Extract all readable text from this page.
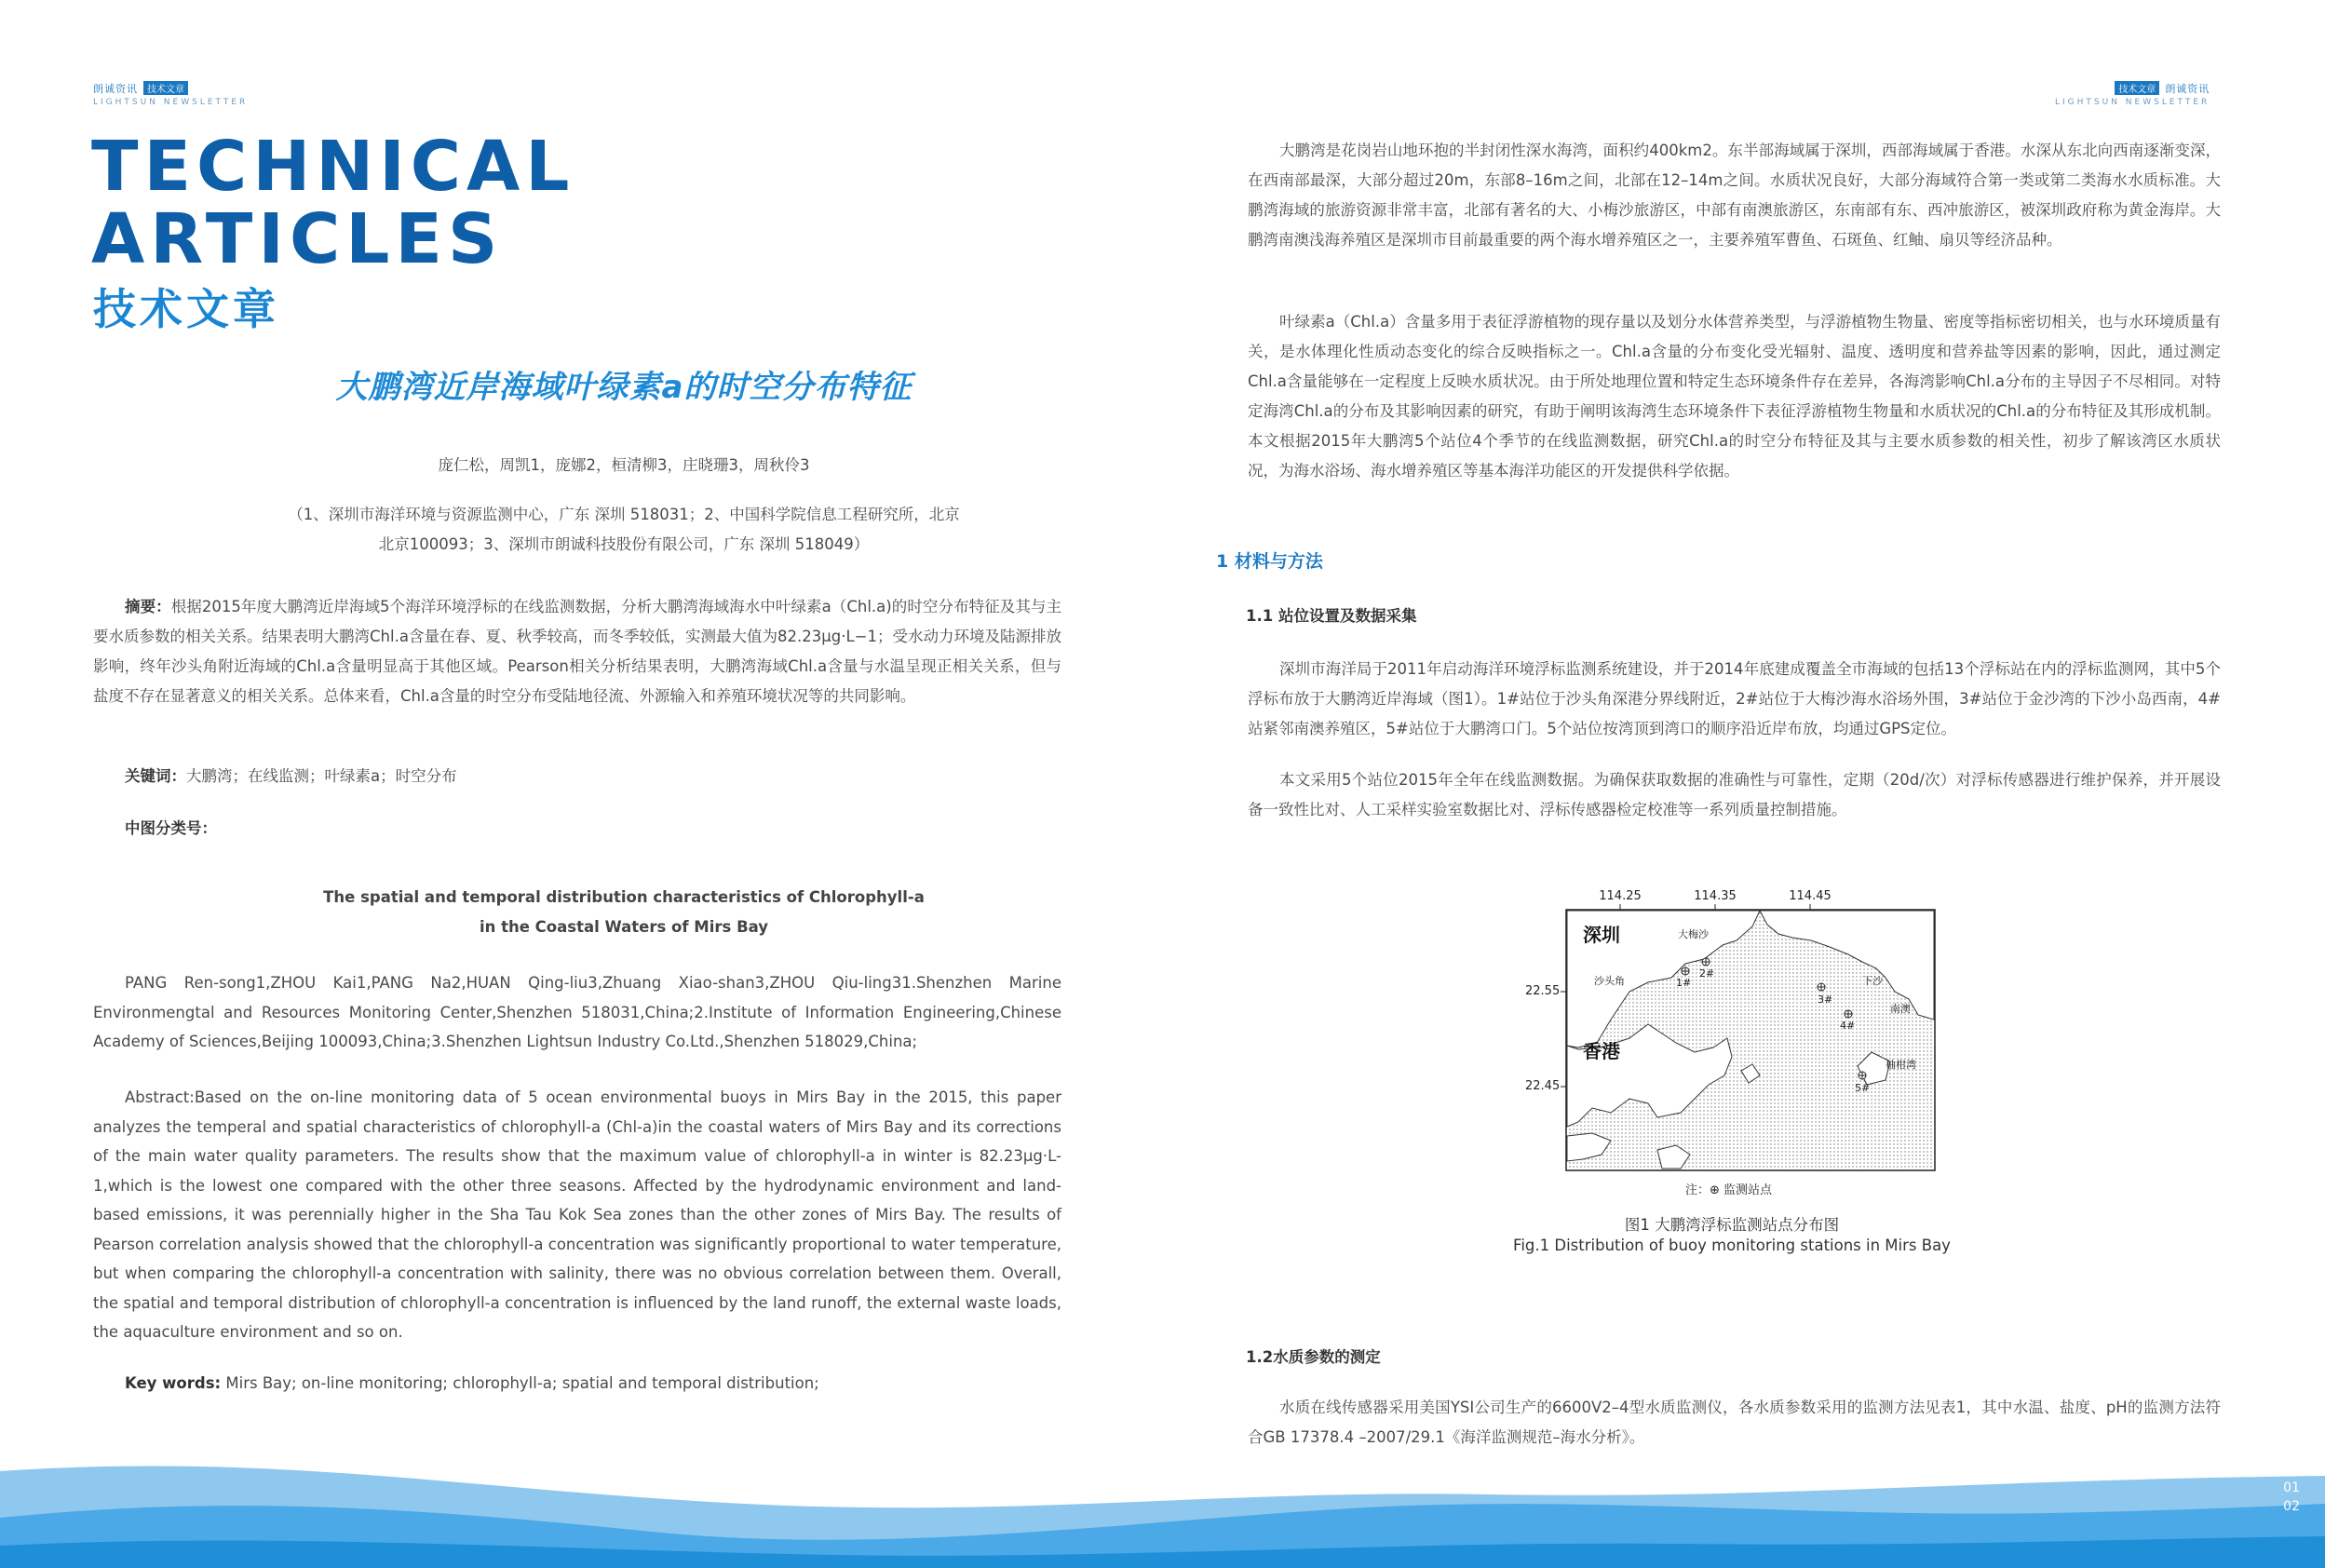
朗诚资讯 技术文章
LIGHTSUN NEWSLETTER
技术文章 朗诚资讯
LIGHTSUN NEWSLETTER
TECHNICAL
ARTICLES
技术文章
大鹏湾近岸海域叶绿素a的时空分布特征
庞仁松，周凯1，庞娜2，桓清柳3，庄晓珊3，周秋伶3
（1、深圳市海洋环境与资源监测中心，广东 深圳 518031；2、中国科学院信息工程研究所，北京
北京100093；3、深圳市朗诚科技股份有限公司，广东 深圳 518049）
摘要：根据2015年度大鹏湾近岸海域5个海洋环境浮标的在线监测数据，分析大鹏湾海域海水中叶绿素a（Chl.a)的时空分布特征及其与主要水质参数的相关关系。结果表明大鹏湾Chl.a含量在春、夏、秋季较高，而冬季较低，实测最大值为82.23μg·L−1；受水动力环境及陆源排放影响，终年沙头角附近海域的Chl.a含量明显高于其他区域。Pearson相关分析结果表明，大鹏湾海域Chl.a含量与水温呈现正相关关系，但与盐度不存在显著意义的相关关系。总体来看，Chl.a含量的时空分布受陆地径流、外源输入和养殖环境状况等的共同影响。
关键词：大鹏湾；在线监测；叶绿素a；时空分布
中图分类号：
The spatial and temporal distribution characteristics of Chlorophyll-a
in the Coastal Waters of Mirs Bay
PANG Ren-song1,ZHOU Kai1,PANG Na2,HUAN Qing-liu3,Zhuang Xiao-shan3,ZHOU Qiu-ling31.Shenzhen Marine Environmengtal and Resources Monitoring Center,Shenzhen 518031,China;2.Institute of Information Engineering,Chinese Academy of Sciences,Beijing 100093,China;3.Shenzhen Lightsun Industry Co.Ltd.,Shenzhen 518029,China;
Abstract:Based on the on-line monitoring data of 5 ocean environmental buoys in Mirs Bay in the 2015, this paper analyzes the temperal and spatial characteristics of chlorophyll-a (Chl-a)in the coastal waters of Mirs Bay and its corrections of the main water quality parameters. The results show that the maximum value of chlorophyll-a in winter is 82.23μg·L-1,which is the lowest one compared with the other three seasons. Affected by the hydrodynamic environment and land-based emissions, it was perennially higher in the Sha Tau Kok Sea zones than the other zones of Mirs Bay. The results of Pearson correlation analysis showed that the chlorophyll-a concentration was significantly proportional to water temperature, but when comparing the chlorophyll-a concentration with salinity, there was no obvious correlation between them. Overall, the spatial and temporal distribution of chlorophyll-a concentration is influenced by the land runoff, the external waste loads, the aquaculture environment and so on.
Key words: Mirs Bay; on-line monitoring; chlorophyll-a; spatial and temporal distribution;
大鹏湾是花岗岩山地环抱的半封闭性深水海湾，面积约400km2。东半部海域属于深圳，西部海域属于香港。水深从东北向西南逐渐变深，在西南部最深，大部分超过20m，东部8–16m之间，北部在12–14m之间。水质状况良好，大部分海域符合第一类或第二类海水水质标准。大鹏湾海域的旅游资源非常丰富，北部有著名的大、小梅沙旅游区，中部有南澳旅游区，东南部有东、西冲旅游区，被深圳政府称为黄金海岸。大鹏湾南澳浅海养殖区是深圳市目前最重要的两个海水增养殖区之一，主要养殖军曹鱼、石斑鱼、红鲉、扇贝等经济品种。
叶绿素a（Chl.a）含量多用于表征浮游植物的现存量以及划分水体营养类型，与浮游植物生物量、密度等指标密切相关，也与水环境质量有关，是水体理化性质动态变化的综合反映指标之一。Chl.a含量的分布变化受光辐射、温度、透明度和营养盐等因素的影响，因此，通过测定Chl.a含量能够在一定程度上反映水质状况。由于所处地理位置和特定生态环境条件存在差异，各海湾影响Chl.a分布的主导因子不尽相同。对特定海湾Chl.a的分布及其影响因素的研究，有助于阐明该海湾生态环境条件下表征浮游植物生物量和水质状况的Chl.a的分布特征及其形成机制。本文根据2015年大鹏湾5个站位4个季节的在线监测数据，研究Chl.a的时空分布特征及其与主要水质参数的相关性，初步了解该湾区水质状况，为海水浴场、海水增养殖区等基本海洋功能区的开发提供科学依据。
1 材料与方法
1.1 站位设置及数据采集
深圳市海洋局于2011年启动海洋环境浮标监测系统建设，并于2014年底建成覆盖全市海域的包括13个浮标站在内的浮标监测网，其中5个浮标布放于大鹏湾近岸海域（图1）。1#站位于沙头角深港分界线附近，2#站位于大梅沙海水浴场外围，3#站位于金沙湾的下沙小岛西南，4#站紧邻南澳养殖区，5#站位于大鹏湾口门。5个站位按湾顶到湾口的顺序沿近岸布放，均通过GPS定位。
本文采用5个站位2015年全年在线监测数据。为确保获取数据的准确性与可靠性，定期（20d/次）对浮标传感器进行维护保养，并开展设备一致性比对、人工采样实验室数据比对、浮标传感器检定校准等一系列质量控制措施。
114.25	114.35	114.45
22.55
22.45
深圳
香港
大梅沙
沙头角	下沙
南澳
柚柑湾
1#
2#
3#
4#
5#
注：⊕ 监测站点
图1 大鹏湾浮标监测站点分布图
Fig.1 Distribution of buoy monitoring stations in Mirs Bay
1.2水质参数的测定
水质在线传感器采用美国YSI公司生产的6600V2–4型水质监测仪，各水质参数采用的监测方法见表1，其中水温、盐度、pH的监测方法符合GB 17378.4 –2007/29.1《海洋监测规范–海水分析》。
01
02
